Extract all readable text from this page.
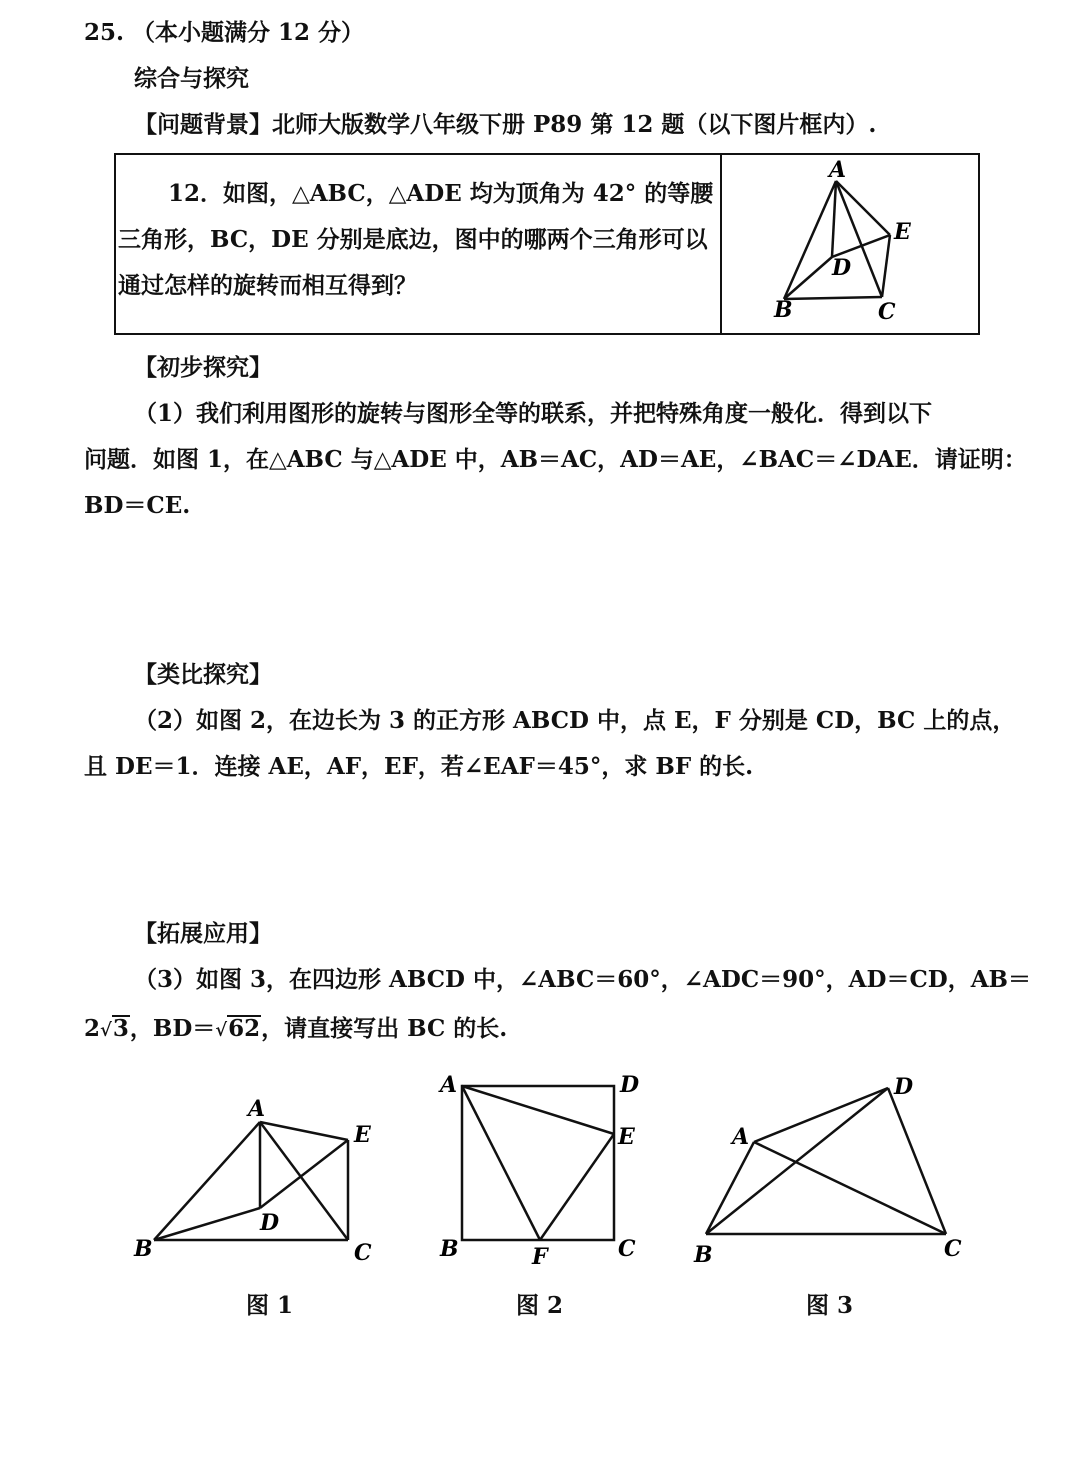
25. （本小题满分 12 分）
综合与探究
【问题背景】北师大版数学八年级下册 P89 第 12 题（以下图片框内）.
12．如图，△ABC，△ADE 均为顶角为 42° 的等腰
三角形，BC，DE 分别是底边，图中的哪两个三角形可以
通过怎样的旋转而相互得到？
A
E
D
B	C
【初步探究】
（1）我们利用图形的旋转与图形全等的联系，并把特殊角度一般化．得到以下
问题．如图 1，在△ABC 与△ADE 中，AB＝AC，AD＝AE，∠BAC＝∠DAE．请证明：
BD＝CE.
【类比探究】
（2）如图 2，在边长为 3 的正方形 ABCD 中，点 E，F 分别是 CD，BC 上的点，
且 DE＝1．连接 AE，AF，EF，若∠EAF＝45°，求 BF 的长.
【拓展应用】
（3）如图 3，在四边形 ABCD 中，∠ABC＝60°，∠ADC＝90°，AD＝CD，AB＝
2√3，BD＝√62，请直接写出 BC 的长.
A
E
D
B	C
图 1
A	D
E
B	F	C
图 2
A
D
B	C
图 3
